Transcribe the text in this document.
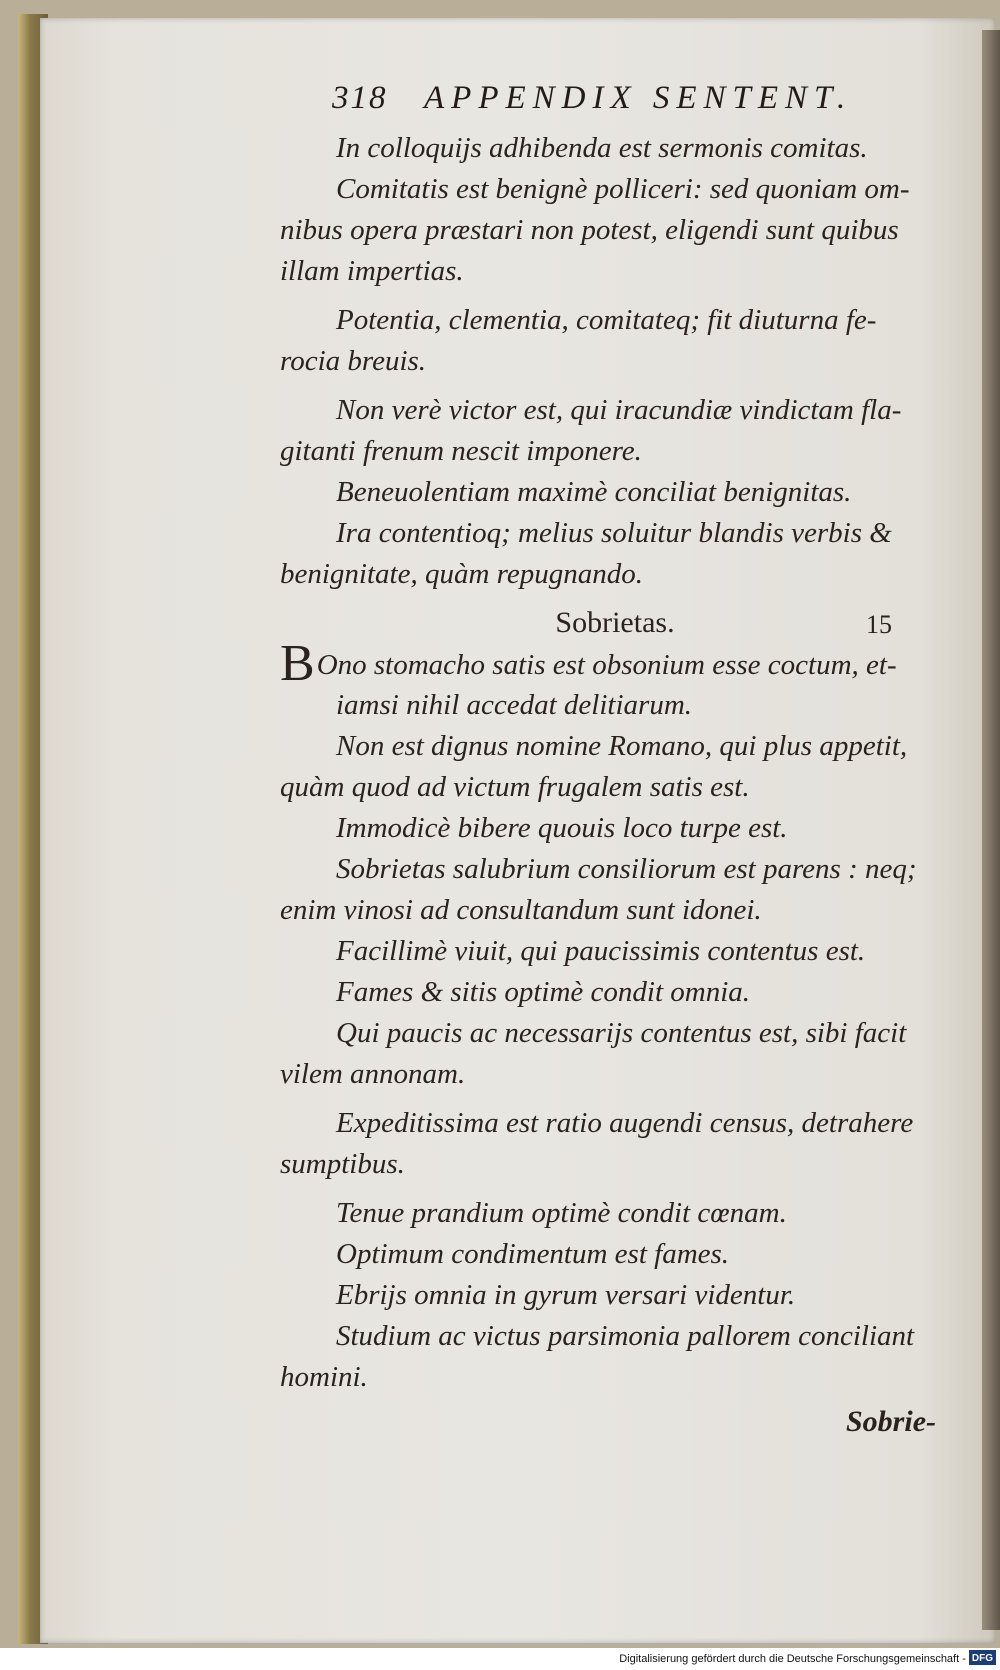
318 APPENDIX SENTENT.
In colloquijs adhibenda est sermonis comitas.
Comitatis est benignè polliceri: sed quoniam om-
nibus opera præstari non potest, eligendi sunt quibus
illam impertias.
Potentia, clementia, comitateq; fit diuturna fe-
rocia breuis.
Non verè victor est, qui iracundiæ vindictam fla-
gitanti frenum nescit imponere.
Beneuolentiam maximè conciliat benignitas.
Ira contentioq; melius soluitur blandis verbis &
benignitate, quàm repugnando.
Sobrietas.	15
BOno stomacho satis est obsonium esse coctum, et-
iamsi nihil accedat delitiarum.
Non est dignus nomine Romano, qui plus appetit,
quàm quod ad victum frugalem satis est.
Immodicè bibere quouis loco turpe est.
Sobrietas salubrium consiliorum est parens : neq;
enim vinosi ad consultandum sunt idonei.
Facillimè viuit, qui paucissimis contentus est.
Fames & sitis optimè condit omnia.
Qui paucis ac necessarijs contentus est, sibi facit
vilem annonam.
Expeditissima est ratio augendi census, detrahere
sumptibus.
Tenue prandium optimè condit cœnam.
Optimum condimentum est fames.
Ebrijs omnia in gyrum versari videntur.
Studium ac victus parsimonia pallorem conciliant
homini.
Sobrie-
Digitalisierung gefördert durch die Deutsche Forschungsgemeinschaft - DFG
